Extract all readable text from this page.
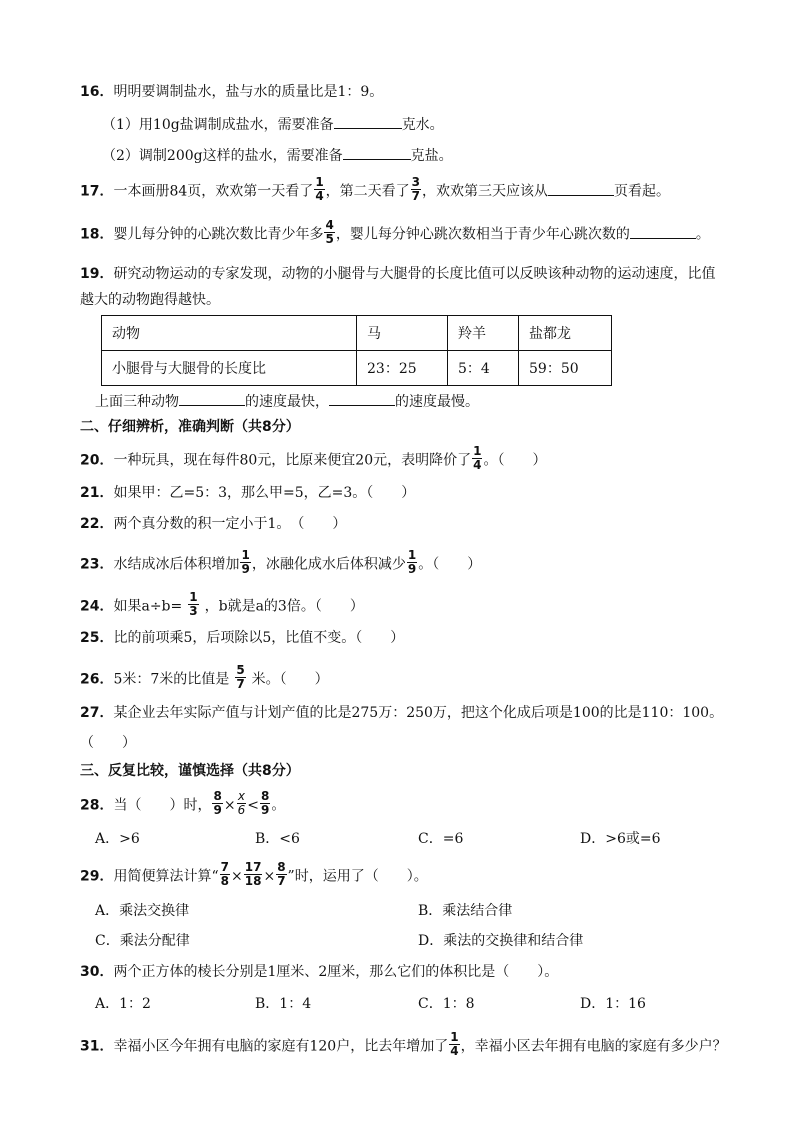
16．明明要调制盐水，盐与水的质量比是1：9。
（1）用10g盐调制成盐水，需要准备	克水。
（2）调制200g这样的盐水，需要准备	克盐。
17．一本画册84页，欢欢第一天看了 $\frac{1}{4}$ ，第二天看了 $\frac{3}{7}$ ，欢欢第三天应该从	页看起。
18．婴儿每分钟的心跳次数比青少年多 $\frac{4}{5}$ ，婴儿每分钟心跳次数相当于青少年心跳次数的	。
19．研究动物运动的专家发现，动物的小腿骨与大腿骨的长度比值可以反映该种动物的运动速度，比值
越大的动物跑得越快。
动物	马	羚羊	盐都龙
小腿骨与大腿骨的长度比	23：25	5：4	59：50
上面三种动物	的速度最快，	的速度最慢。
二、仔细辨析，准确判断（共8分）
20．一种玩具，现在每件80元，比原来便宜20元，表明降价了 $\frac{1}{4}$ 。（　　）
21．如果甲：乙=5：3，那么甲=5，乙=3。（　　）
22．两个真分数的积一定小于1。　（　　）
23．水结成冰后体积增加 $\frac{1}{9}$ ，冰融化成水后体积减少 $\frac{1}{9}$ 。（　　）
24．如果$a\div b= \frac{1}{3}$ ，b就是a的3倍。（　　）
25．比的前项乘5，后项除以5，比值不变。（　　）
26．5米：7米的比值是 $\frac{5}{7}$ 米。（　　）
27．某企业去年实际产值与计划产值的比是275万：250万，把这个化成后项是100的比是110：100。
（　　）
三、反复比较，谨慎选择（共8分）
28．当（　　）时， $\frac{8}{9} \times \frac{x}{6} < \frac{8}{9}$ 。
A．>6	B．<6	C．=6	D．>6或=6
29．用简便算法计算“ $\frac{7}{8} \times \frac{17}{18} \times \frac{8}{7}$ ”时，运用了（　　）。
A．乘法交换律	B．乘法结合律
C．乘法分配律	D．乘法的交换律和结合律
30．两个正方体的棱长分别是1厘米、2厘米，那么它们的体积比是（　　）。
A．1：2	B．1：4	C．1：8	D．1：16
31．幸福小区今年拥有电脑的家庭有120户，比去年增加了 $\frac{1}{4}$ ，幸福小区去年拥有电脑的家庭有多少户？
